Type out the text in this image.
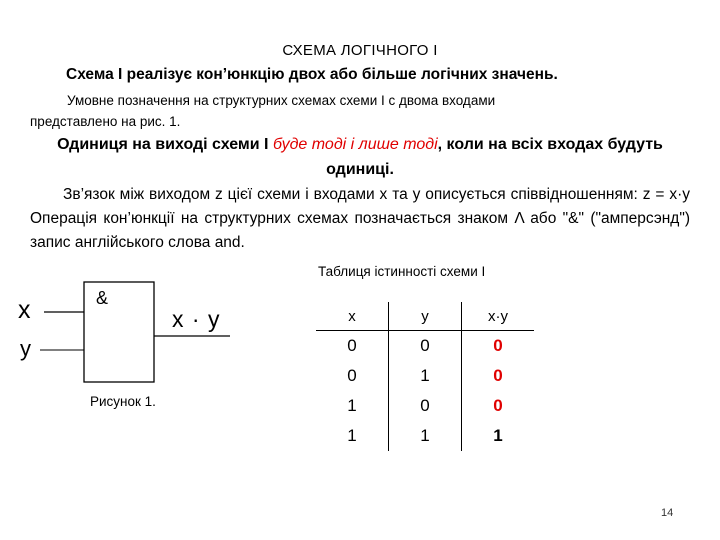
СХЕМА ЛОГІЧНОГО І
Схема І реалізує кон’юнкцію двох або більше логічних значень.
Умовне позначення на структурних схемах схеми І с двома входами
представлено на рис. 1.
Одиниця на виході схеми І буде тоді і лише тоді, коли на всіх входах будуть одиниці.
Зв’язок між виходом z цієї схеми і входами x та y описується співвідношенням: z = x·y Операція кон’юнкції на структурних схемах позначається знаком Λ або "&" ("амперсэнд") запис англійського слова and.
x
y
&
x · y
Рисунок 1.
Таблиця істинності схеми І
x	y	x·y
0	0	0
0	1	0
1	0	0
1	1	1
14
